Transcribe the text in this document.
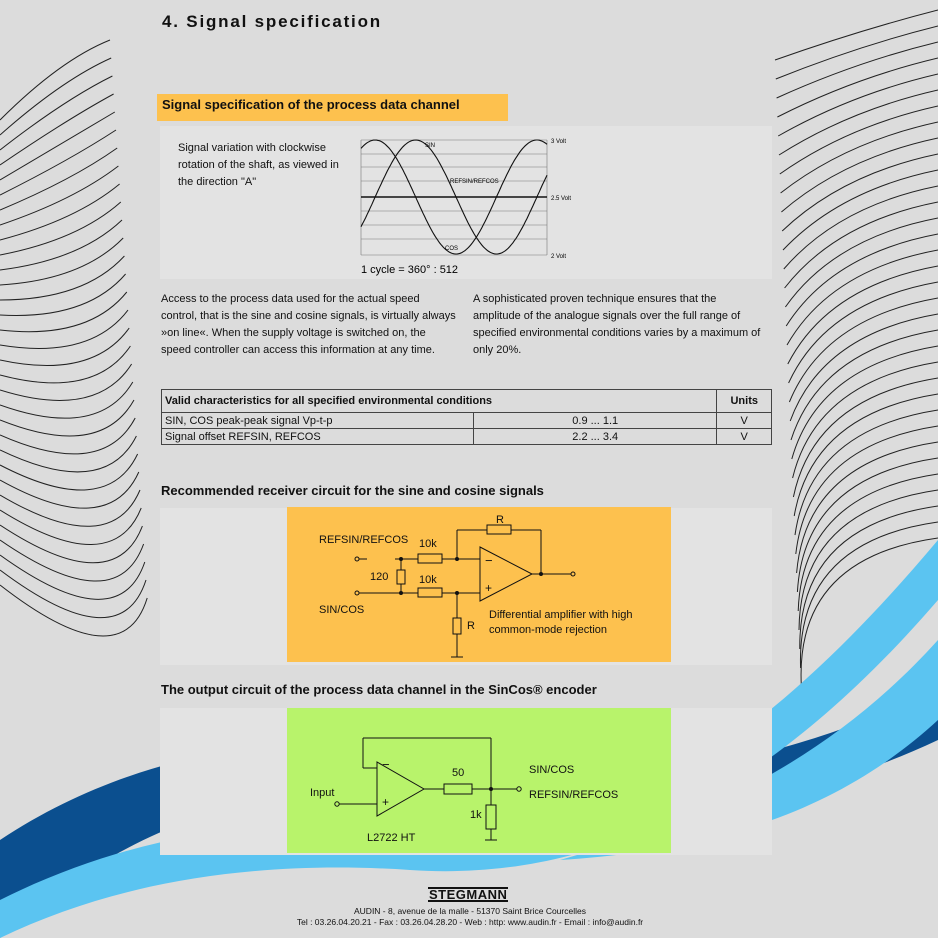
4. Signal specification
Signal specification of the process data channel
Signal variation with clockwise rotation of the shaft, as viewed in the direction "A"
SIN
REFSIN/REFCOS
COS
3 Volt
2.5 Volt
2 Volt
1 cycle = 360° : 512
Access to the process data used for the actual speed control, that is the sine and cosine signals, is virtually always »on line«. When the supply voltage is switched on, the speed controller can access this information at any time.
A sophisticated proven technique ensures that the amplitude of the analogue signals over the full range of specified environmental conditions varies by a maximum of only 20%.
Valid characteristics for all specified environmental conditions		Units
SIN, COS peak-peak signal Vp-t-p	0.9 ... 1.1	V
Signal offset REFSIN, REFCOS	2.2 ... 3.4	V
Recommended receiver circuit for the sine and cosine signals
REFSIN/REFCOS 10k
120	10k
R
R
−
+
SIN/COS	Differential amplifier with high common-mode rejection
The output circuit of the process data channel in the SinCos® encoder
Input
−
+
50
1k
SIN/COS
REFSIN/REFCOS
L2722 HT
STEGMANN
AUDIN - 8, avenue de la malle - 51370 Saint Brice Courcelles
Tel : 03.26.04.20.21 - Fax : 03.26.04.28.20 - Web : http: www.audin.fr - Email : info@audin.fr
